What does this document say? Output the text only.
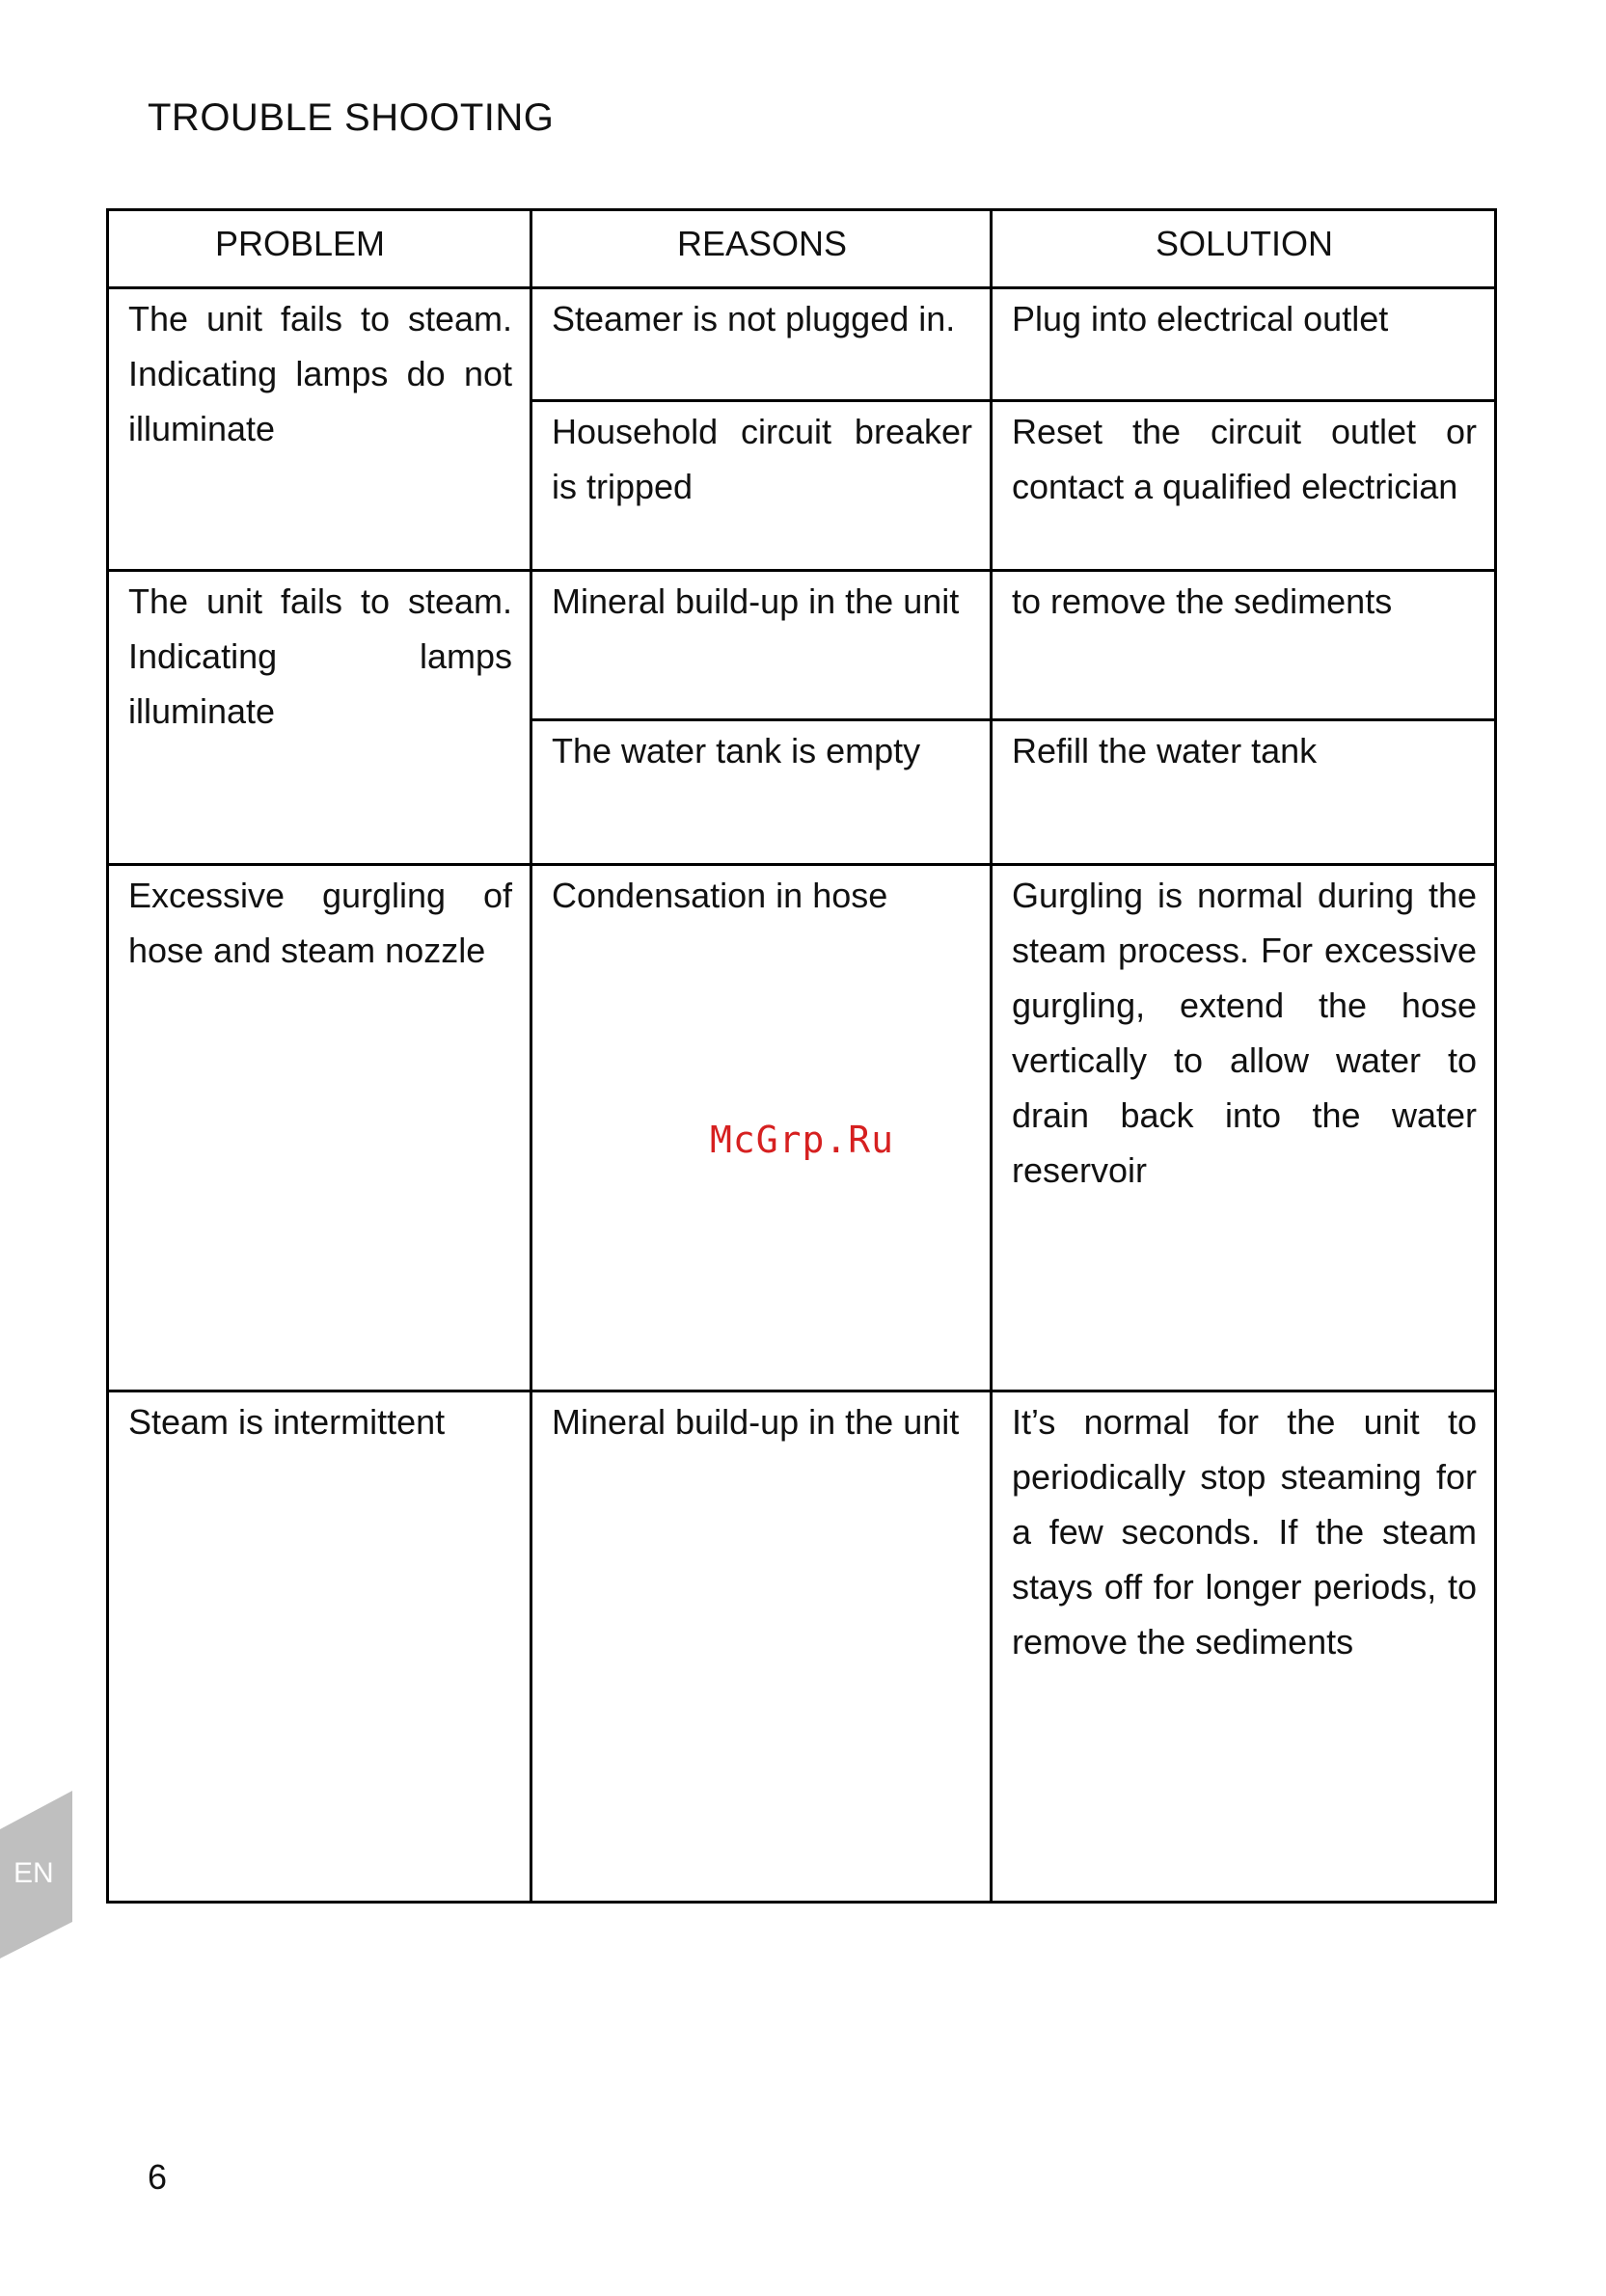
TROUBLE SHOOTING
PROBLEM	REASONS	SOLUTION
The unit fails to steam. Indicating lamps do not illuminate	Steamer is not plugged in.	Plug into electrical outlet
	Household circuit breaker is tripped	Reset the circuit outlet or contact a qualified electrician
The unit fails to steam. Indicating lamps illuminate	Mineral build-up in the unit	to remove the sediments
	The water tank is empty	Refill the water tank
Excessive gurgling of hose and steam nozzle	Condensation in hose	Gurgling is normal during the steam process. For excessive gurgling, extend the hose vertically to allow water to drain back into the water reservoir
Steam is intermittent	Mineral build-up in the unit	It’s normal for the unit to periodically stop steaming for a few seconds. If the steam stays off for longer periods, to remove the sediments
McGrp.Ru
EN
6
